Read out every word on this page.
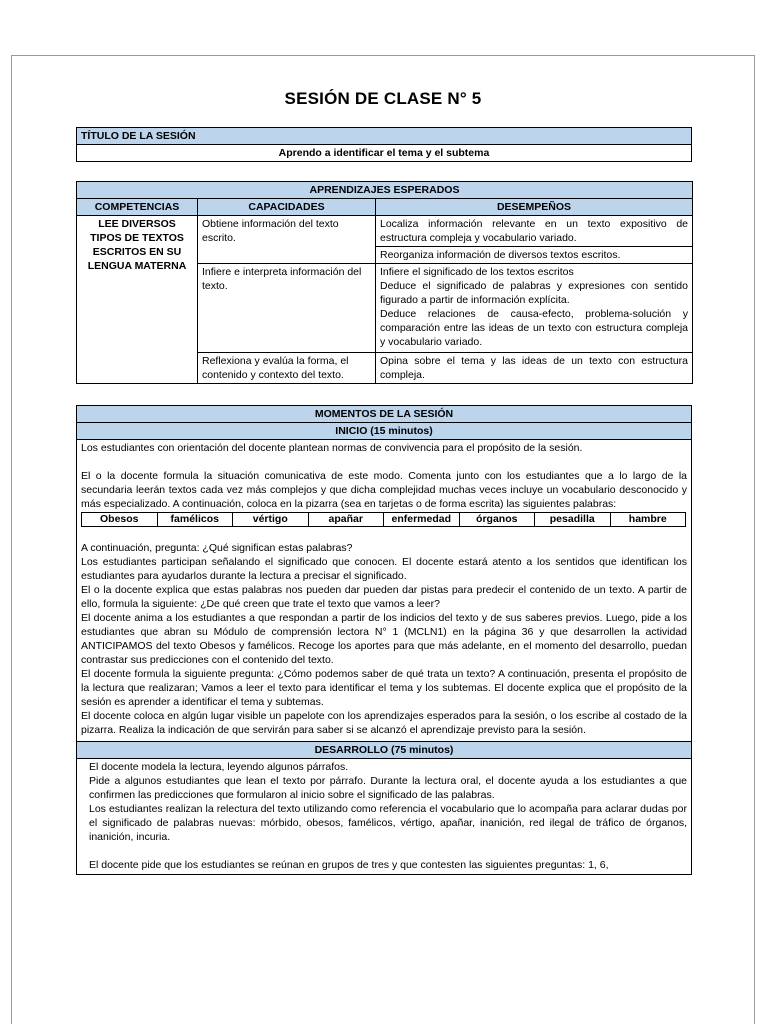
SESIÓN DE CLASE N° 5
TÍTULO DE LA SESIÓN
Aprendo a identificar el tema y el subtema
APRENDIZAJES ESPERADOS		
COMPETENCIAS	CAPACIDADES	DESEMPEÑOS
LEE DIVERSOS TIPOS DE TEXTOS ESCRITOS EN SU LENGUA MATERNA	Obtiene información del texto escrito.	Localiza información relevante en un texto expositivo de estructura compleja y vocabulario variado.
		Reorganiza información de diversos textos escritos.
	Infiere e interpreta información del texto.	Infiere el significado de los textos escritos
Deduce el significado de palabras y expresiones con sentido figurado a partir de información explícita.
Deduce relaciones de causa-efecto, problema-solución y comparación entre las ideas de un texto con estructura compleja y vocabulario variado.

	Reflexiona y evalúa la forma, el contenido y contexto del texto.	Opina sobre el tema y las ideas de un texto con estructura compleja.
MOMENTOS DE LA SESIÓN
INICIO (15 minutos)

Los estudiantes con orientación del docente plantean normas de convivencia para el propósito de la sesión.

El o la docente formula la situación comunicativa de este modo. Comenta junto con los estudiantes que a lo largo de la secundaria leerán textos cada vez más complejos y que dicha complejidad muchas veces incluye un vocabulario desconocido y más especializado. A continuación, coloca en la pizarra (sea en tarjetas o de forma escrita) las siguientes palabras:

Obesos	famélicos	vértigo	apañar	enfermedad	órganos	pesadilla	hambre

A continuación, pregunta: ¿Qué significan estas palabras?

Los estudiantes participan señalando el significado que conocen. El docente estará atento a los sentidos que identifican los estudiantes para ayudarlos durante la lectura a precisar el significado.

El o la docente explica que estas palabras nos pueden dar pueden dar pistas para predecir el contenido de un texto. A partir de ello, formula la siguiente: ¿De qué creen que trate el texto que vamos a leer?

El docente anima a los estudiantes a que respondan a partir de los indicios del texto y de sus saberes previos. Luego, pide a los estudiantes que abran su Módulo de comprensión lectora N° 1 (MCLN1) en la página 36 y que desarrollen la actividad ANTICIPAMOS del texto Obesos y famélicos. Recoge los aportes para que más adelante, en el momento del desarrollo, puedan contrastar sus predicciones con el contenido del texto.

El docente formula la siguiente pregunta: ¿Cómo podemos saber de qué trata un texto? A continuación, presenta el propósito de la lectura que realizaran; Vamos a leer el texto para identificar el tema y los subtemas. El docente explica que el propósito de la sesión es aprender a identificar el tema y subtemas.

El docente coloca en algún lugar visible un papelote con los aprendizajes esperados para la sesión, o los escribe al costado de la pizarra. Realiza la indicación de que servirán para saber si se alcanzó el aprendizaje previsto para la sesión.

DESARROLLO (75 minutos)

El docente modela la lectura, leyendo algunos párrafos.

Pide a algunos estudiantes que lean el texto por párrafo. Durante la lectura oral, el docente ayuda a los estudiantes a que confirmen las predicciones que formularon al inicio sobre el significado de las palabras.

Los estudiantes realizan la relectura del texto utilizando como referencia el vocabulario que lo acompaña para aclarar dudas por el significado de palabras nuevas: mórbido, obesos, famélicos, vértigo, apañar, inanición, red ilegal de tráfico de órganos, inanición, incuria.

El docente pide que los estudiantes se reúnan en grupos de tres y que contesten las siguientes preguntas: 1, 6,
